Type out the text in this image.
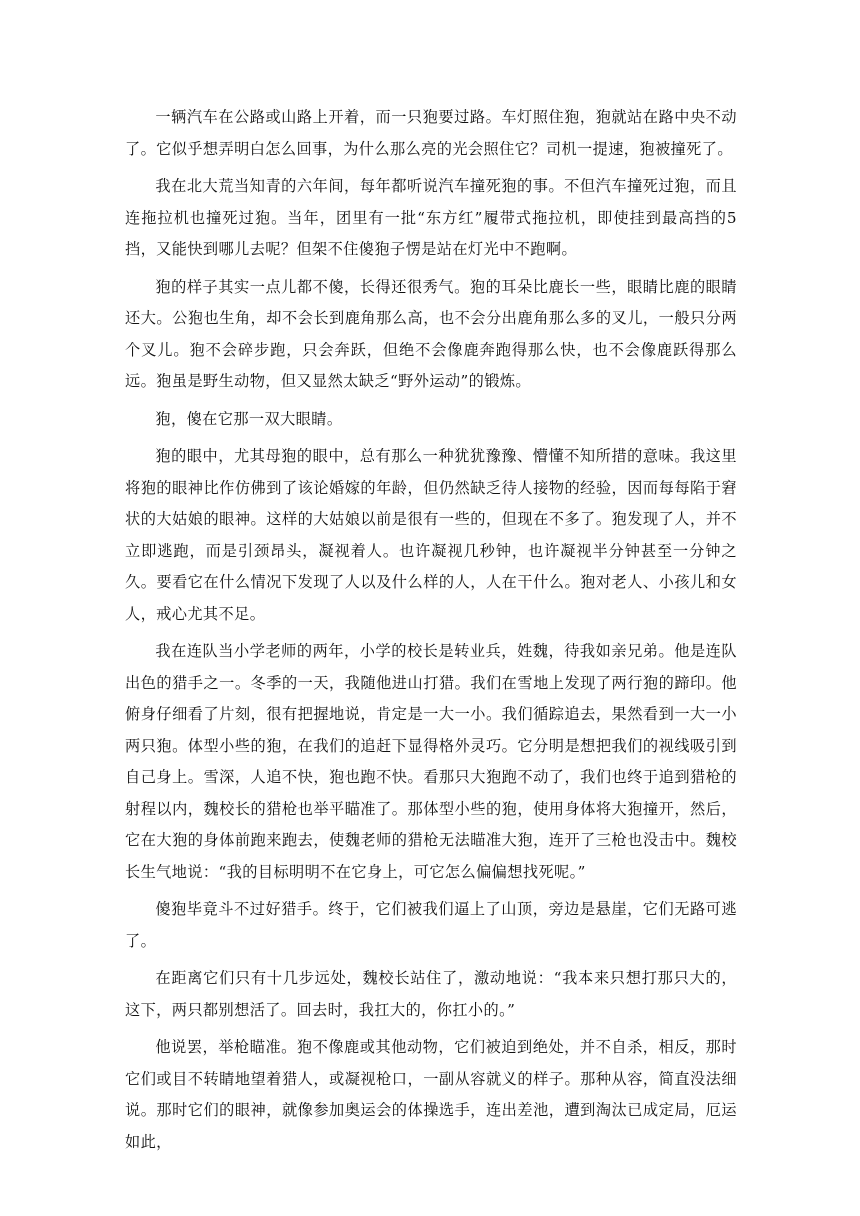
一辆汽车在公路或山路上开着，而一只狍要过路。车灯照住狍，狍就站在路中央不动了。它似乎想弄明白怎么回事，为什么那么亮的光会照住它？司机一提速，狍被撞死了。

我在北大荒当知青的六年间，每年都听说汽车撞死狍的事。不但汽车撞死过狍，而且连拖拉机也撞死过狍。当年，团里有一批“东方红”履带式拖拉机，即使挂到最高挡的5挡，又能快到哪儿去呢？但架不住傻狍子愣是站在灯光中不跑啊。

狍的样子其实一点儿都不傻，长得还很秀气。狍的耳朵比鹿长一些，眼睛比鹿的眼睛还大。公狍也生角，却不会长到鹿角那么高，也不会分出鹿角那么多的叉儿，一般只分两个叉儿。狍不会碎步跑，只会奔跃，但绝不会像鹿奔跑得那么快，也不会像鹿跃得那么远。狍虽是野生动物，但又显然太缺乏“野外运动”的锻炼。

狍，傻在它那一双大眼睛。

狍的眼中，尤其母狍的眼中，总有那么一种犹犹豫豫、懵懂不知所措的意味。我这里将狍的眼神比作仿佛到了该论婚嫁的年龄，但仍然缺乏待人接物的经验，因而每每陷于窘状的大姑娘的眼神。这样的大姑娘以前是很有一些的，但现在不多了。狍发现了人，并不立即逃跑，而是引颈昂头，凝视着人。也许凝视几秒钟，也许凝视半分钟甚至一分钟之久。要看它在什么情况下发现了人以及什么样的人，人在干什么。狍对老人、小孩儿和女人，戒心尤其不足。

我在连队当小学老师的两年，小学的校长是转业兵，姓魏，待我如亲兄弟。他是连队出色的猎手之一。冬季的一天，我随他进山打猎。我们在雪地上发现了两行狍的蹄印。他俯身仔细看了片刻，很有把握地说，肯定是一大一小。我们循踪追去，果然看到一大一小两只狍。体型小些的狍，在我们的追赶下显得格外灵巧。它分明是想把我们的视线吸引到自己身上。雪深，人追不快，狍也跑不快。看那只大狍跑不动了，我们也终于追到猎枪的射程以内，魏校长的猎枪也举平瞄准了。那体型小些的狍，使用身体将大狍撞开，然后，它在大狍的身体前跑来跑去，使魏老师的猎枪无法瞄准大狍，连开了三枪也没击中。魏校长生气地说：“我的目标明明不在它身上，可它怎么偏偏想找死呢。”

傻狍毕竟斗不过好猎手。终于，它们被我们逼上了山顶，旁边是悬崖，它们无路可逃了。

在距离它们只有十几步远处，魏校长站住了，激动地说：“我本来只想打那只大的，这下，两只都别想活了。回去时，我扛大的，你扛小的。”

他说罢，举枪瞄准。狍不像鹿或其他动物，它们被迫到绝处，并不自杀，相反，那时它们或目不转睛地望着猎人，或凝视枪口，一副从容就义的样子。那种从容，简直没法细说。那时它们的眼神，就像参加奥运会的体操选手，连出差池，遭到淘汰已成定局，厄运如此，
